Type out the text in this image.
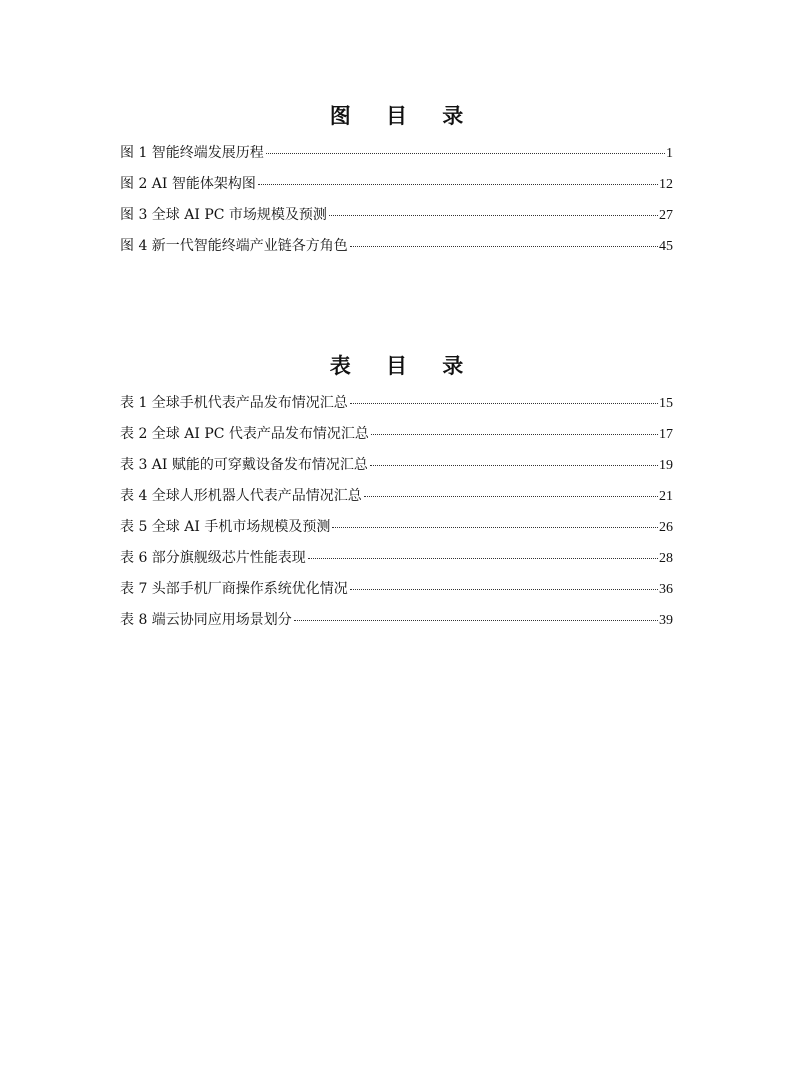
图 目 录
图 1 智能终端发展历程	1
图 2 AI 智能体架构图	12
图 3 全球 AI PC 市场规模及预测	27
图 4 新一代智能终端产业链各方角色	45
表 目 录
表 1 全球手机代表产品发布情况汇总	15
表 2 全球 AI PC 代表产品发布情况汇总	17
表 3 AI 赋能的可穿戴设备发布情况汇总	19
表 4 全球人形机器人代表产品情况汇总	21
表 5 全球 AI 手机市场规模及预测	26
表 6 部分旗舰级芯片性能表现	28
表 7 头部手机厂商操作系统优化情况	36
表 8 端云协同应用场景划分	39
